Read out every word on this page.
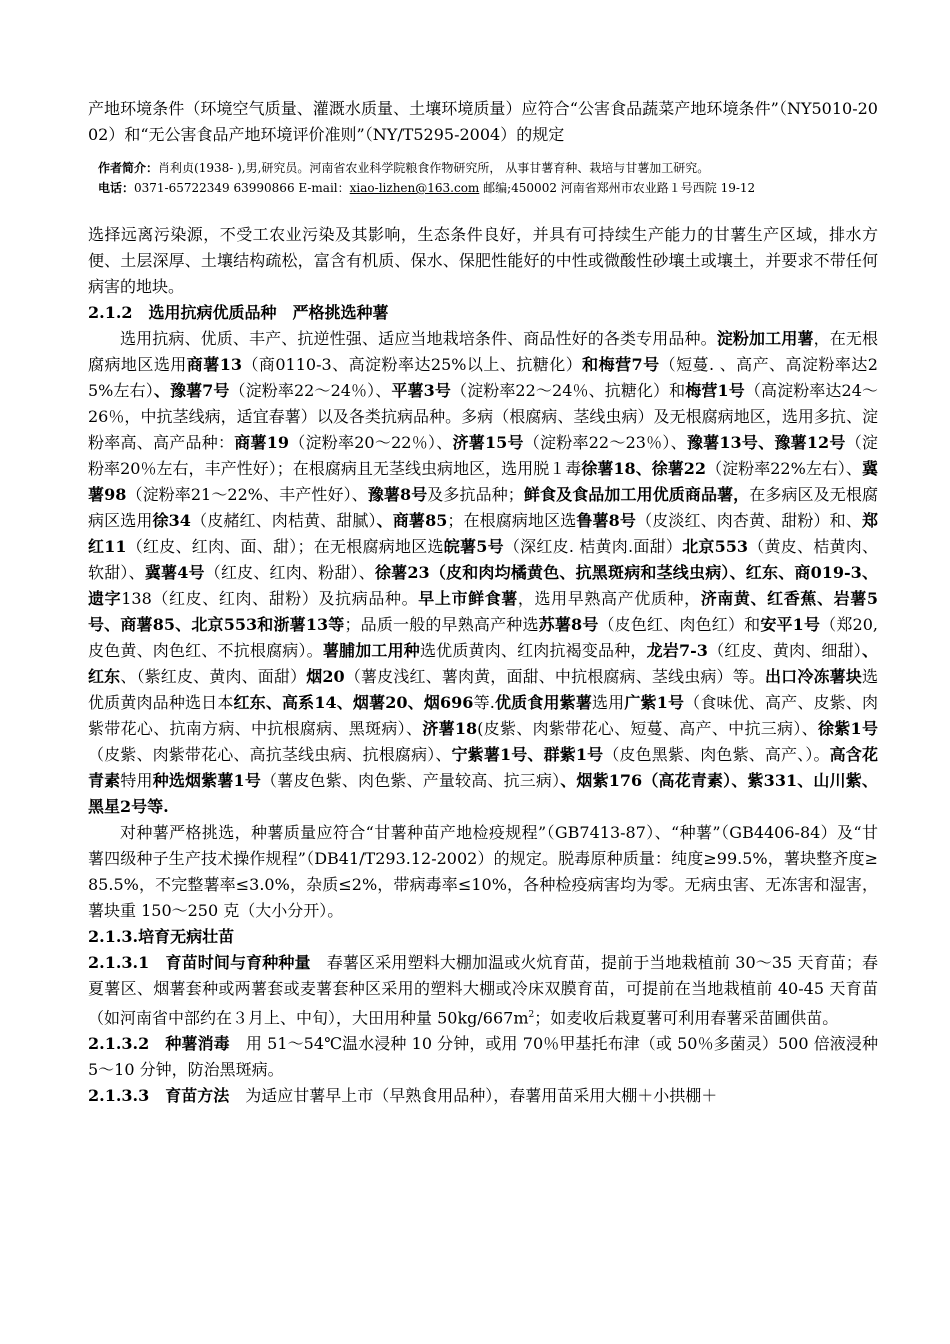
产地环境条件（环境空气质量、灌溉水质量、土壤环境质量）应符合“公害食品蔬菜产地环境条件”（NY5010-2002）和“无公害食品产地环境评价准则”（NY/T5295-2004）的规定

作者简介：肖利贞(1938- ),男,研究员。河南省农业科学院粮食作物研究所， 从事甘薯育种、栽培与甘薯加工研究。

电话：0371-65722349 63990866 E-mail：xiao-lizhen@163.com 邮编;450002 河南省郑州市农业路１号西院 19-12

选择远离污染源，不受工农业污染及其影响，生态条件良好，并具有可持续生产能力的甘薯生产区域，排水方便、土层深厚、土壤结构疏松，富含有机质、保水、保肥性能好的中性或微酸性砂壤土或壤土，并要求不带任何病害的地块。

2.1.2　选用抗病优质品种　严格挑选种薯

选用抗病、优质、丰产、抗逆性强、适应当地栽培条件、商品性好的各类专用品种。淀粉加工用薯，在无根腐病地区选用商薯13（商0110-3、高淀粉率达25%以上、抗糖化）和梅营7号（短蔓. 、高产、高淀粉率达25%左右）、豫薯7号（淀粉率22～24％）、平薯3号（淀粉率22～24％、抗糖化）和梅营1号（高淀粉率达24～26％，中抗茎线病，适宜春薯）以及各类抗病品种。多病（根腐病、茎线虫病）及无根腐病地区，选用多抗、淀粉率高、高产品种：商薯19（淀粉率20～22％）、济薯15号（淀粉率22～23％）、豫薯13号、豫薯12号（淀粉率20％左右，丰产性好）；在根腐病且无茎线虫病地区，选用脱１毒徐薯18、徐薯22（淀粉率22%左右）、冀薯98（淀粉率21～22%、丰产性好）、豫薯8号及多抗品种；鲜食及食品加工用优质商品薯，在多病区及无根腐病区选用徐34（皮赭红、肉桔黄、甜腻）、商薯85；在根腐病地区选鲁薯8号（皮淡红、肉杏黄、甜粉）和、郑红11（红皮、红肉、面、甜）；在无根腐病地区选皖薯5号（深红皮. 桔黄肉.面甜）北京553（黄皮、桔黄肉、软甜）、冀薯4号（红皮、红肉、粉甜）、徐薯23（皮和肉均橘黄色、抗黑斑病和茎线虫病）、红东、商019-3、遗字138（红皮、红肉、甜粉）及抗病品种。早上市鲜食薯，选用早熟高产优质种，济南黄、红香蕉、岩薯5号、商薯85、北京553和浙薯13等；品质一般的早熟高产种选苏薯8号（皮色红、肉色红）和安平1号（郑20,皮色黄、肉色红、不抗根腐病）。薯脯加工用种选优质黄肉、红肉抗褐变品种，龙岩7-3（红皮、黄肉、细甜）、红东、（紫红皮、黄肉、面甜）烟20（薯皮浅红、薯肉黄，面甜、中抗根腐病、茎线虫病）等。出口冷冻薯块选优质黄肉品种选日本红东、高系14、烟薯20、烟696等.优质食用紫薯选用广紫1号（食味优、高产、皮紫、肉紫带花心、抗南方病、中抗根腐病、黑斑病）、济薯18(皮紫、肉紫带花心、短蔓、高产、中抗三病）、徐紫1号（皮紫、肉紫带花心、高抗茎线虫病、抗根腐病）、宁紫薯1号、群紫1号（皮色黑紫、肉色紫、高产、）。高含花青素特用种选烟紫薯1号（薯皮色紫、肉色紫、产量较高、抗三病）、烟紫176（高花青素）、紫331、山川紫、黑星2号等.

对种薯严格挑选，种薯质量应符合“甘薯种苗产地检疫规程”（GB7413-87）、“种薯”（GB4406-84）及“甘薯四级种子生产技术操作规程”（DB41/T293.12-2002）的规定。脱毒原种质量：纯度≥99.5%，薯块整齐度≥85.5%，不完整薯率≤3.0%，杂质≤2%，带病毒率≤10%，各种检疫病害均为零。无病虫害、无冻害和湿害，薯块重 150～250 克（大小分开）。

2.1.3.培育无病壮苗

2.1.3.1　育苗时间与育种种量　春薯区采用塑料大棚加温或火炕育苗，提前于当地栽植前 30～35 天育苗；春夏薯区、烟薯套种或两薯套或麦薯套种区采用的塑料大棚或冷床双膜育苗，可提前在当地栽植前 40-45 天育苗（如河南省中部约在３月上、中旬），大田用种量 $50kg/667m^2$；如麦收后栽夏薯可利用春薯采苗圃供苗。

2.1.3.2　种薯消毒　用 51～54℃温水浸种 10 分钟，或用 70％甲基托布津（或 50％多菌灵）500 倍液浸种 5～10 分钟，防治黑斑病。

2.1.3.3　育苗方法　为适应甘薯早上市（早熟食用品种），春薯用苗采用大棚＋小拱棚＋
